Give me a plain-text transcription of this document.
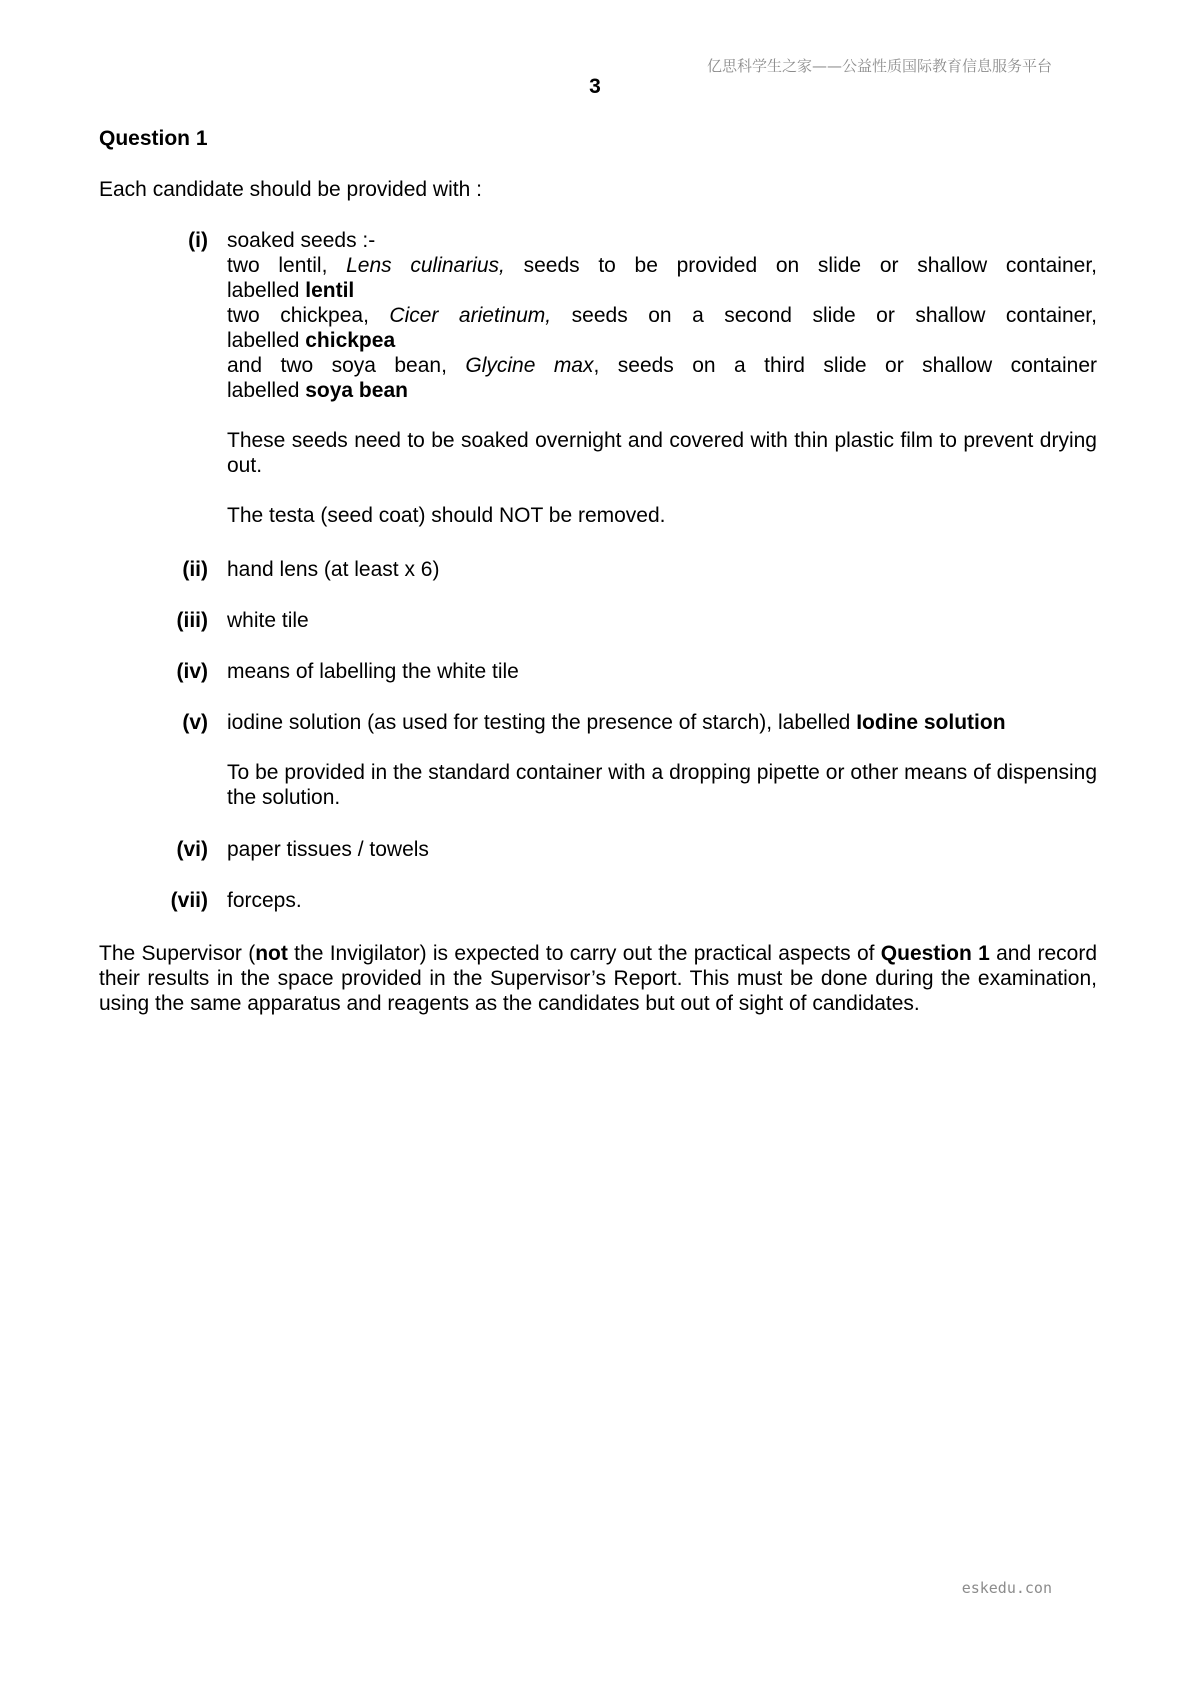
亿思科学生之家——公益性质国际教育信息服务平台
3
Question 1
Each candidate should be provided with :
(i) soaked seeds :-
two lentil, Lens culinarius, seeds to be provided on slide or shallow container,
labelled lentil
two chickpea, Cicer arietinum, seeds on a second slide or shallow container,
labelled chickpea
and two soya bean, Glycine max, seeds on a third slide or shallow container
labelled soya bean

These seeds need to be soaked overnight and covered with thin plastic film to prevent drying out.

The testa (seed coat) should NOT be removed.

(ii) hand lens (at least x 6)
(iii) white tile
(iv) means of labelling the white tile
(v) iodine solution (as used for testing the presence of starch), labelled Iodine solution

To be provided in the standard container with a dropping pipette or other means of dispensing the solution.

(vi) paper tissues / towels
(vii) forceps.
The Supervisor (not the Invigilator) is expected to carry out the practical aspects of Question 1 and record their results in the space provided in the Supervisor’s Report. This must be done during the examination, using the same apparatus and reagents as the candidates but out of sight of candidates.
eskedu.con
